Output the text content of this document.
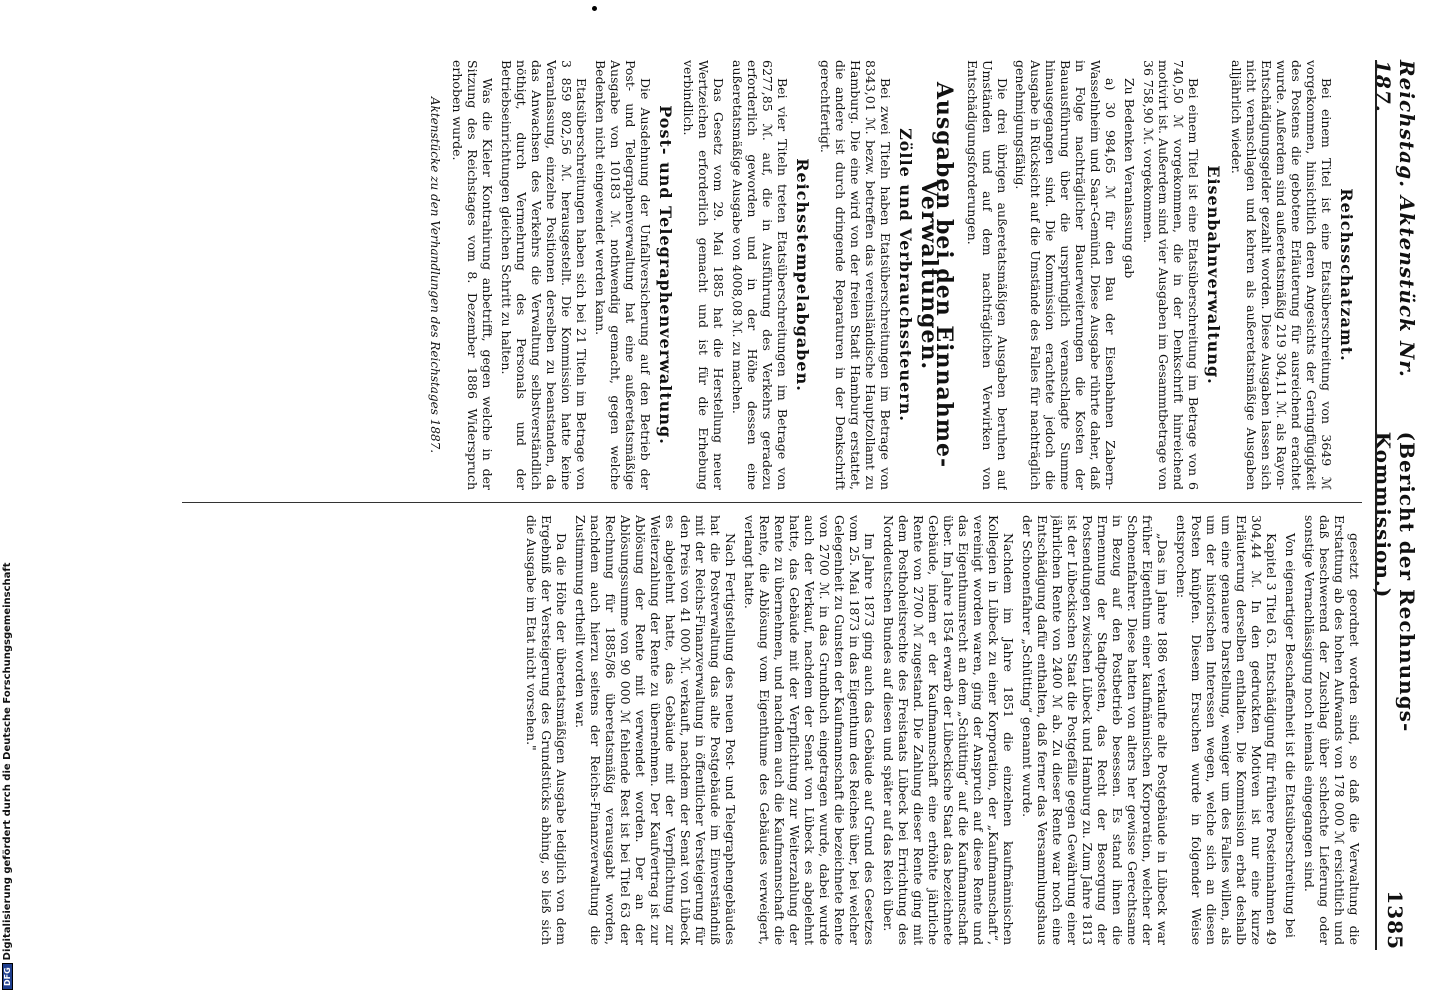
Reichstag. Aktenstück Nr. 187.
(Bericht der Rechnungs-Kommission.)
1385
Reichsschatzamt.

Bei einem Titel ist eine Etatsüberschreitung von 3649 ℳ vorgekommen, hinsichtlich deren Angesichts der Geringfügigkeit des Postens die gebotene Erläuterung für ausreichend erachtet wurde. Außerdem sind außeretatsmäßig 219 304,11 ℳ. als Rayon-Entschädigungsgelder gezahlt worden. Diese Ausgaben lassen sich nicht veranschlagen und kehren als außeretatsmäßige Ausgaben alljährlich wieder.

Eisenbahnverwaltung.

Bei einem Titel ist eine Etatsüberschreitung im Betrage von 6 740,50 ℳ vorgekommen, die in der Denkschrift hinreichend motivirt ist. Außerdem sind vier Ausgaben im Gesammtbetrage von 36 758,90 ℳ. vorgekommen.

Zu Bedenken Veranlassung gab

a) 30 984,65 ℳ für den Bau der Eisenbahnen Zabern-Wasselnheim und Saar-Gemünd. Diese Ausgabe rührte daher, daß in Folge nachträglicher Bauerweiterungen die Kosten der Bauausführung über die ursprünglich veranschlagte Summe hinausgegangen sind. Die Kommission erachtete jedoch die Ausgabe in Rücksicht auf die Umstände des Falles für nachträglich genehmigungsfähig.

Die drei übrigen außeretatsmäßigen Ausgaben beruhen auf Umständen und auf dem nachträglichen Verwirken von Entschädigungsforderungen.

Ausgaben bei den Einnahme-Verwaltungen.
Zölle und Verbrauchssteuern.

Bei zwei Titeln haben Etatsüberschreitungen im Betrage von 8343,01 ℳ. bezw. betreffen das vereinsländische Hauptzollamt zu Hamburg. Die eine wird von der freien Stadt Hamburg erstattet, die andere ist durch dringende Reparaturen in der Denkschrift gerechtfertigt.

Reichsstempelabgaben.

Bei vier Titeln treten Etatsüberschreitungen im Betrage von 6277,85 ℳ. auf, die in Ausführung des Verkehrs geradezu erforderlich geworden und in der Höhe dessen eine außeretatsmäßige Ausgabe von 4008,08 ℳ. zu machen.

Das Gesetz vom 29. Mai 1885 hat die Herstellung neuer Wertzeichen erforderlich gemacht und ist für die Erhebung verbindlich.

Post- und Telegraphenverwaltung.

Die Ausdehnung der Unfallversicherung auf den Betrieb der Post- und Telegraphenverwaltung hat eine außeretatsmäßige Ausgabe von 10183 ℳ. nothwendig gemacht, gegen welche Bedenken nicht eingewendet werden kann.

Etatsüberschreitungen haben sich bei 21 Titeln im Betrage von 3 859 802,56 ℳ. herausgestellt. Die Kommission hatte keine Veranlassung, einzelne Positionen derselben zu beanstanden, da das Anwachsen des Verkehrs die Verwaltung selbstverständlich nöthigt, durch Vermehrung des Personals und der Betriebseinrichtungen gleichen Schritt zu halten.

Was die Kieler Kontrahirung anbetrifft, gegen welche in der Sitzung des Reichstages vom 8. Dezember 1886 Widerspruch erhoben wurde.

Aktenstücke zu den Verhandlungen des Reichstages 1887.

gesetzt geordnet worden sind, so daß die Verwaltung die Erstattung ab des hohen Aufwands von 178 000 ℳ ersichtlich und daß beschwerend der Zuschlag über schlechte Lieferung oder sonstige Vernachlässigung noch niemals eingegangen sind.

Von eigenartiger Beschaffenheit ist die Etatsüberschreitung bei

Kapitel 3 Titel 63. Entschädigung für frühere Posteinnahmen 49 304,44 ℳ. In den gedruckten Motiven ist nur eine kurze Erläuterung derselben enthalten. Die Kommission erbat deshalb um eine genauere Darstellung, weniger um des Falles willen, als um der historischen Interessen wegen, welche sich an diesen Posten knüpfen. Diesem Ersuchen wurde in folgender Weise entsprochen:

„Das im Jahre 1886 verkaufte alte Postgebäude in Lübeck war früher Eigenthum einer kaufmännischen Korporation, welcher der Schonenfahrer. Diese hatten von alters her gewisse Gerechtsame in Bezug auf den Postbetrieb besessen. Es stand ihnen die Ernennung der Stadtposten, das Recht der Besorgung der Postsendungen zwischen Lübeck und Hamburg zu. Zum Jahre 1813 ist der Lübeckischen Staat die Postgefälle gegen Gewährung einer jährlichen Rente von 2400 ℳ ab. Zu dieser Rente war noch eine Entschädigung dafür enthalten, daß ferner das Versammlungshaus der Schonenfahrer „Schütting“ genannt wurde.

Nachdem im Jahre 1851 die einzelnen kaufmännischen Kollegien in Lübeck zu einer Korporation, der „Kaufmannschaft“, vereinigt worden waren, ging der Anspruch auf diese Rente und das Eigenthumsrecht an dem „Schütting“ auf die Kaufmannschaft über. Im Jahre 1854 erwarb der Lübeckische Staat das bezeichnete Gebäude, indem er der Kaufmannschaft eine erhöhte jährliche Rente von 2700 ℳ zugestand. Die Zahlung dieser Rente ging mit dem Posthoheitsrechte des Freistaats Lübeck bei Errichtung des Norddeutschen Bundes auf diesen und später auf das Reich über.

Im Jahre 1873 ging auch das Gebäude auf Grund des Gesetzes vom 25. Mai 1873 in das Eigenthum des Reiches über, bei welcher Gelegenheit zu Gunsten der Kaufmannschaft die bezeichnete Rente von 2700 ℳ. in das Grundbuch eingetragen wurde, dabei wurde auch der Verkauf, nachdem der Senat von Lübeck es abgelehnt hatte, das Gebäude mit der Verpflichtung zur Weiterzahlung der Rente zu übernehmen, und nachdem auch die Kaufmannschaft die Rente, die Ablösung vom Eigenthume des Gebäudes verweigert, verlangt hatte.

Nach Fertigstellung des neuen Post- und Telegraphengebäudes hat die Postverwaltung das alte Postgebäude im Einverständniß mit der Reichs-Finanzverwaltung in öffentlicher Versteigerung für den Preis von 41 000 ℳ. verkauft, nachdem der Senat von Lübeck es abgelehnt hatte, das Gebäude mit der Verpflichtung zur Weiterzahlung der Rente zu übernehmen. Der Kaufvertrag ist zur Ablösung der Rente mit verwendet worden. Der an der Ablösungssumme von 90 000 ℳ fehlende Rest ist bei Titel 63 der Rechnung für 1885/86 überetatsmäßig verausgabt worden, nachdem auch hierzu seitens der Reichs-Finanzverwaltung die Zustimmung ertheilt worden war.

Da die Höhe der überetatsmäßigen Ausgabe lediglich von dem Ergebniß der Versteigerung des Grundstücks abhing, so ließ sich die Ausgabe im Etat nicht vorsehen."

DFG
Digitalisierung gefördert durch die Deutsche Forschungsgemeinschaft
